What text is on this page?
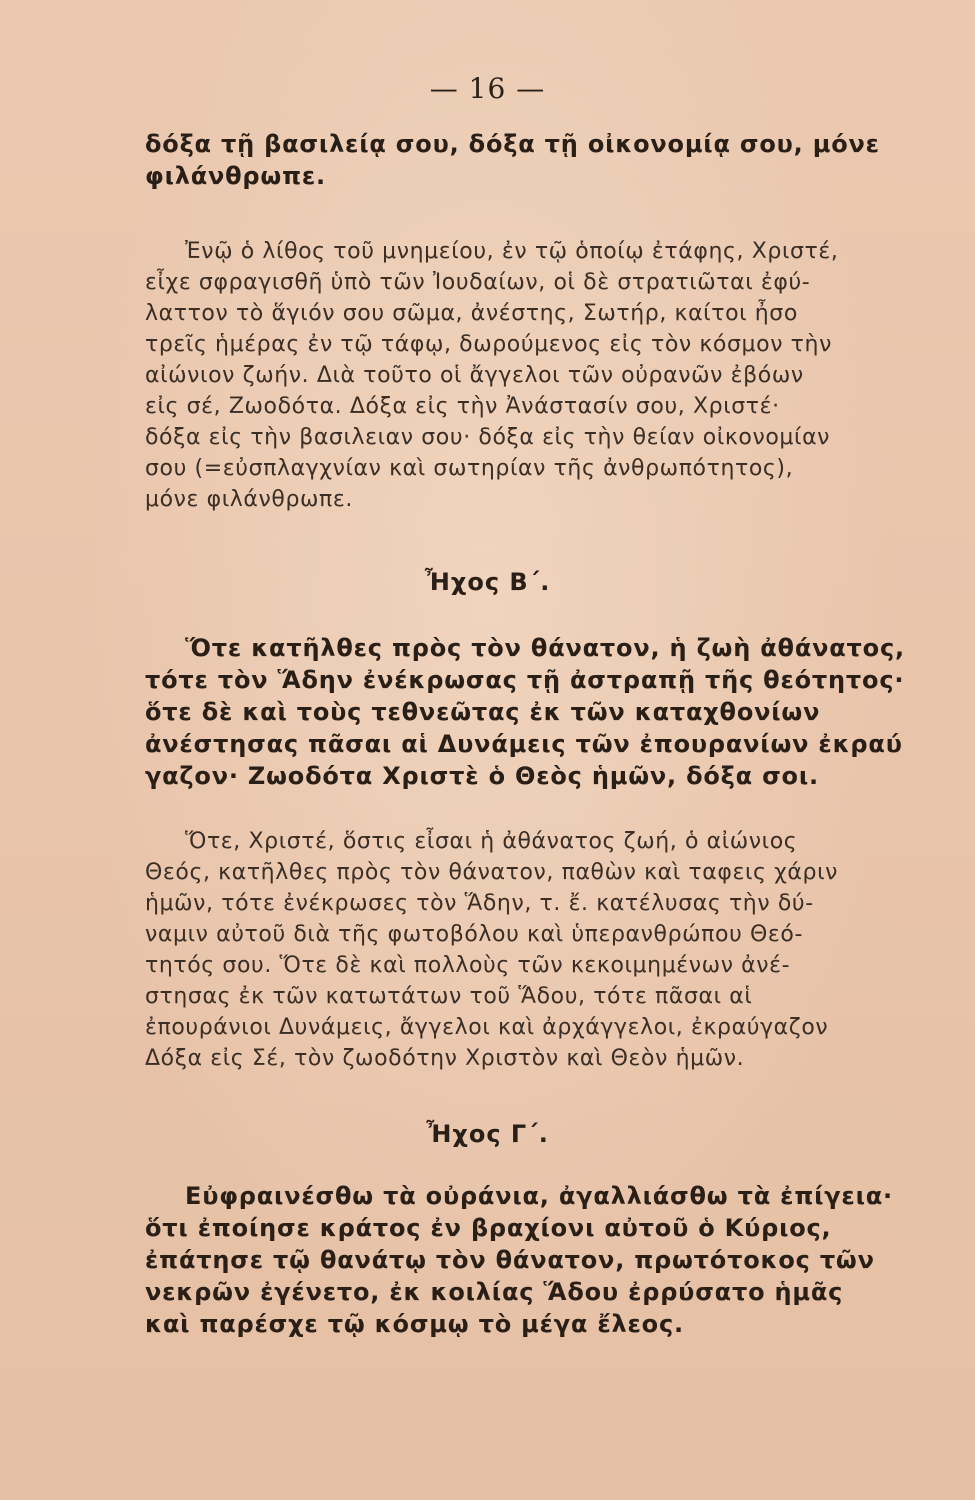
— 16 —
δόξα τῇ βασιλείᾳ σου, δόξα τῇ οἰκονομίᾳ σου, μόνε
φιλάνθρωπε.
Ἐνῷ ὁ λίθος τοῦ μνημείου, ἐν τῷ ὁποίῳ ἐτάφης, Χριστέ,
εἶχε σφραγισθῆ ὑπὸ τῶν Ἰουδαίων, οἱ δὲ στρατιῶται ἐφύ-
λαττον τὸ ἅγιόν σου σῶμα, ἀνέστης, Σωτήρ, καίτοι ἦσο
τρεῖς ἡμέρας ἐν τῷ τάφῳ, δωρούμενος εἰς τὸν κόσμον τὴν
αἰώνιον ζωήν. Διὰ τοῦτο οἱ ἄγγελοι τῶν οὐρανῶν ἐβόων
εἰς σέ, Ζωοδότα. Δόξα εἰς τὴν Ἀνάστασίν σου, Χριστέ·
δόξα εἰς τὴν βασιλειαν σου· δόξα εἰς τὴν θείαν οἰκονομίαν
σου (=εὐσπλαγχνίαν καὶ σωτηρίαν τῆς ἀνθρωπότητος),
μόνε φιλάνθρωπε.
Ἦχος Β΄.
Ὅτε κατῆλθες πρὸς τὸν θάνατον, ἡ ζωὴ ἀθάνατος,
τότε τὸν Ἅδην ἐνέκρωσας τῇ ἀστραπῇ τῆς θεότητος·
ὅτε δὲ καὶ τοὺς τεθνεῶτας ἐκ τῶν καταχθονίων
ἀνέστησας πᾶσαι αἱ Δυνάμεις τῶν ἐπουρανίων ἐκραύ
γαζον· Ζωοδότα Χριστὲ ὁ Θεὸς ἡμῶν, δόξα σοι.
Ὅτε, Χριστέ, ὅστις εἶσαι ἡ ἀθάνατος ζωή, ὁ αἰώνιος
Θεός, κατῆλθες πρὸς τὸν θάνατον, παθὼν καὶ ταφεις χάριν
ἡμῶν, τότε ἐνέκρωσες τὸν Ἅδην, τ. ἔ. κατέλυσας τὴν δύ-
ναμιν αὐτοῦ διὰ τῆς φωτοβόλου καὶ ὑπερανθρώπου Θεό-
τητός σου. Ὅτε δὲ καὶ πολλοὺς τῶν κεκοιμημένων ἀνέ-
στησας ἐκ τῶν κατωτάτων τοῦ Ἅδου, τότε πᾶσαι αἱ
ἐπουράνιοι Δυνάμεις, ἄγγελοι καὶ ἀρχάγγελοι, ἐκραύγαζον
Δόξα εἰς Σέ, τὸν ζωοδότην Χριστὸν καὶ Θεὸν ἡμῶν.
Ἦχος Γ΄.
Εὐφραινέσθω τὰ οὐράνια, ἀγαλλιάσθω τὰ ἐπίγεια·
ὅτι ἐποίησε κράτος ἐν βραχίονι αὐτοῦ ὁ Κύριος,
ἐπάτησε τῷ θανάτῳ τὸν θάνατον, πρωτότοκος τῶν
νεκρῶν ἐγένετο, ἐκ κοιλίας Ἅδου ἐρρύσατο ἡμᾶς
καὶ παρέσχε τῷ κόσμῳ τὸ μέγα ἔλεος.
